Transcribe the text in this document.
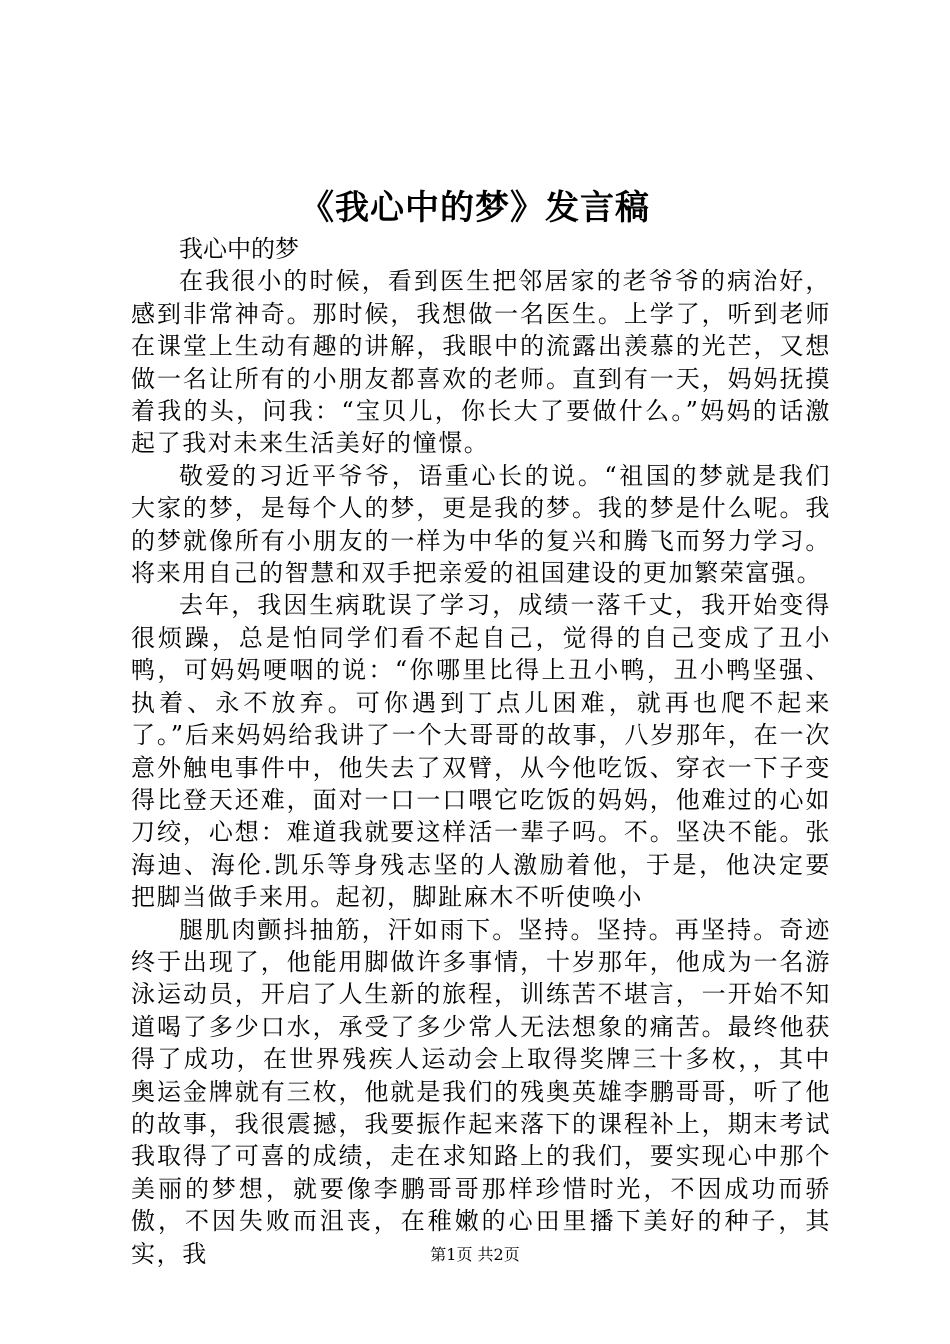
《我心中的梦》发言稿

我心中的梦

在我很小的时候，看到医生把邻居家的老爷爷的病治好，感到非常神奇。那时候，我想做一名医生。上学了，听到老师在课堂上生动有趣的讲解，我眼中的流露出羡慕的光芒，又想做一名让所有的小朋友都喜欢的老师。直到有一天，妈妈抚摸着我的头，问我：“宝贝儿，你长大了要做什么。”妈妈的话激起了我对未来生活美好的憧憬。

敬爱的习近平爷爷，语重心长的说。“祖国的梦就是我们大家的梦，是每个人的梦，更是我的梦。我的梦是什么呢。我的梦就像所有小朋友的一样为中华的复兴和腾飞而努力学习。将来用自己的智慧和双手把亲爱的祖国建设的更加繁荣富强。

去年，我因生病耽误了学习，成绩一落千丈，我开始变得很烦躁，总是怕同学们看不起自己，觉得的自己变成了丑小鸭，可妈妈哽咽的说：“你哪里比得上丑小鸭，丑小鸭坚强、执着、永不放弃。可你遇到丁点儿困难，就再也爬不起来了。”后来妈妈给我讲了一个大哥哥的故事，八岁那年，在一次意外触电事件中，他失去了双臂，从今他吃饭、穿衣一下子变得比登天还难，面对一口一口喂它吃饭的妈妈，他难过的心如刀绞，心想：难道我就要这样活一辈子吗。不。坚决不能。张海迪、海伦.凯乐等身残志坚的人激励着他，于是，他决定要把脚当做手来用。起初，脚趾麻木不听使唤小

腿肌肉颤抖抽筋，汗如雨下。坚持。坚持。再坚持。奇迹终于出现了，他能用脚做许多事情，十岁那年，他成为一名游泳运动员，开启了人生新的旅程，训练苦不堪言，一开始不知道喝了多少口水，承受了多少常人无法想象的痛苦。最终他获得了成功，在世界残疾人运动会上取得奖牌三十多枚，，其中奥运金牌就有三枚，他就是我们的残奥英雄李鹏哥哥，听了他的故事，我很震撼，我要振作起来落下的课程补上，期末考试我取得了可喜的成绩，走在求知路上的我们，要实现心中那个美丽的梦想，就要像李鹏哥哥那样珍惜时光，不因成功而骄傲，不因失败而沮丧，在稚嫩的心田里播下美好的种子，其实，我	第1页 共2页
